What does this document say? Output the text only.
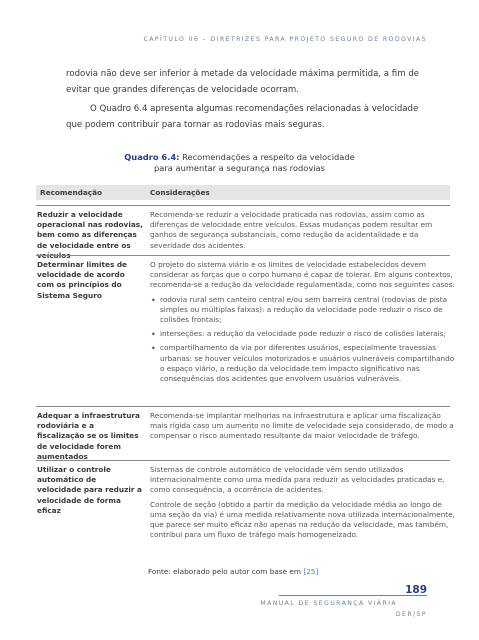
CAPÍTULO 06 – DIRETRIZES PARA PROJETO SEGURO DE RODOVIAS
rodovia não deve ser inferior à metade da velocidade máxima permitida, a fim de evitar que grandes diferenças de velocidade ocorram.
O Quadro 6.4 apresenta algumas recomendações relacionadas à velocidade que podem contribuir para tornar as rodovias mais seguras.
Quadro 6.4: Recomendações a respeito da velocidade
para aumentar a segurança nas rodovias
Recomendação	Considerações
Reduzir a velocidade operacional nas rodovias, bem como as diferenças de velocidade entre os veículos

Recomenda-se reduzir a velocidade praticada nas rodovias, assim como as diferenças de velocidade entre veículos. Essas mudanças podem resultar em ganhos de segurança substanciais, como redução da acidentalidade e da severidade dos acidentes.

Determinar limites de velocidade de acordo com os princípios do Sistema Seguro

O projeto do sistema viário e os limites de velocidade estabelecidos devem considerar as forças que o corpo humano é capaz de tolerar. Em alguns contextos, recomenda-se a redução da velocidade regulamentada, como nos seguintes casos:

• rodovia rural sem canteiro central e/ou sem barreira central (rodovias de pista simples ou múltiplas faixas): a redução da velocidade pode reduzir o risco de colisões frontais;
• interseções: a redução da velocidade pode reduzir o risco de colisões laterais;
• compartilhamento da via por diferentes usuários, especialmente travessias urbanas: se houver veículos motorizados e usuários vulneráveis compartilhando o espaço viário, a redução da velocidade tem impacto significativo nas consequências dos acidentes que envolvem usuários vulneráveis.
Adequar a infraestrutura rodoviária e a fiscalização se os limites de velocidade forem aumentados

Recomenda-se implantar melhorias na infraestrutura e aplicar uma fiscalização mais rígida caso um aumento no limite de velocidade seja considerado, de modo a compensar o risco aumentado resultante da maior velocidade de tráfego.

Utilizar o controle automático de velocidade para reduzir a velocidade de forma eficaz

Sistemas de controle automático de velocidade vêm sendo utilizados internacionalmente como uma medida para reduzir as velocidades praticadas e, como consequência, a ocorrência de acidentes.

Controle de seção (obtido a partir da medição da velocidade média ao longo de uma seção da via) é uma medida relativamente nova utilizada internacionalmente, que parece ser muito eficaz não apenas na redução da velocidade, mas também, contribui para um fluxo de tráfego mais homogeneizado.

Fonte: elaborado pelo autor com base em [25]
189
MANUAL DE SEGURANÇA VIÁRIA
DER/SP
